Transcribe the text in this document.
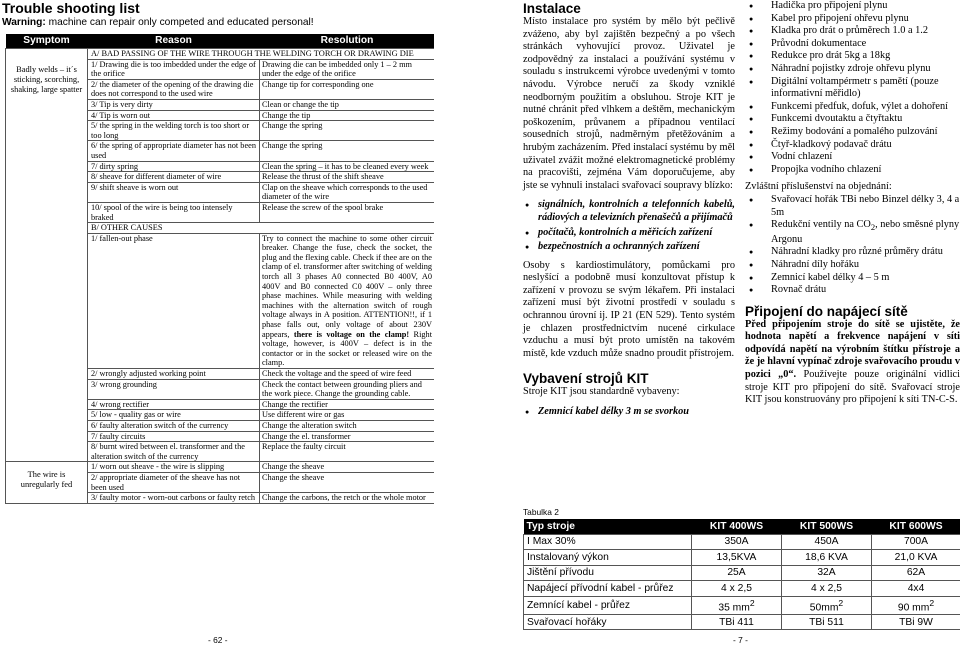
Trouble shooting list
Warning: machine can repair only competed and educated personal!
Symptom	Reason	Resolution
Badly welds – it´s sticking, scorching, shaking, large spatter	A/ BAD PASSING OF THE WIRE THROUGH THE WELDING TORCH OR DRAWING DIE	
	1/ Drawing die is too imbedded under the edge of the orifice	Drawing die can be imbedded only 1 – 2 mm under the edge of the orifice
	2/ the diameter of the opening of the drawing die does not correspond to the used wire	Change tip for corresponding one
	3/ Tip is very dirty	Clean or change the tip
	4/ Tip is worn out	Change the tip
	5/ the spring in the welding torch is too short or too long	Change the spring
	6/ the spring of appropriate diameter has not been used	Change the spring
	7/ dirty spring	Clean the spring – it has to be cleaned every week
	8/ sheave for different diameter of wire	Release the thrust of the shift sheave
	9/ shift sheave is worn out	Clap on the sheave which corresponds to the used diameter of the wire
	10/ spool of the wire is being too intensely braked	Release the screw of the spool brake
	B/ OTHER CAUSES	
	1/ fallen-out phase	Try to connect the machine to some other circuit breaker. Change the fuse, check the socket, the plug and the flexing cable. Check if thee are on the clamp of el. transformer after switching of welding torch all 3 phases A0 connected B0 400V, A0 400V and B0 connected C0 400V – only three phase machines. While measuring with welding machines with the alternation switch of rough voltage always in A position. ATTENTION!!, if 1 phase falls out, only voltage of about 230V appears, there is voltage on the clamp! Right voltage, however, is 400V – defect is in the contactor or in the socket or released wire on the clamp.
	2/ wrongly adjusted working point	Check the voltage and the speed of wire feed
	3/ wrong grounding	Check the contact between grounding pliers and the work piece. Change the grounding cable.
	4/ wrong rectifier	Change the rectifier
	5/ low - quality gas or wire	Use different wire or gas
	6/ faulty alteration switch of the currency	Change the alteration switch
	7/ faulty circuits	Change the el. transformer
	8/ burnt wired between el. transformer and the alteration switch of the currency	Replace the faulty circuit
The wire is unregularly fed	1/ worn out sheave - the wire is slipping	Change the sheave
	2/ appropriate diameter of the sheave has not been used	Change the sheave
	3/ faulty motor - worn-out carbons or faulty retch	Change the carbons, the retch or the whole motor
- 62 -
Instalace

Místo instalace pro systém by mělo být pečlivě zváženo, aby byl zajištěn bezpečný a po všech stránkách vyhovující provoz. Uživatel je zodpovědný za instalaci a používání systému v souladu s instrukcemi výrobce uvedenými v tomto návodu. Výrobce neručí za škody vzniklé neodborným použitím a obsluhou. Stroje KIT je nutné chránit před vlhkem a deštěm, mechanickým poškozením, průvanem a případnou ventilací sousedních strojů, nadměrným přetěžováním a hrubým zacházením. Před instalací systému by měl uživatel zvážit možné elektromagnetické problémy na pracovišti, zejména Vám doporučujeme, aby jste se vyhnuli instalaci svařovací soupravy blízko:

● signálních, kontrolních a telefonních kabelů, rádiových a televizních přenašečů a přijímačů
● počítačů, kontrolních a měřicích zařízení
● bezpečnostních a ochranných zařízení

Osoby s kardiostimulátory, pomůckami pro neslyšící a podobně musí konzultovat přístup k zařízení v provozu se svým lékařem. Při instalaci zařízení musí být životní prostředí v souladu s ochrannou úrovní ij. IP 21 (EN 529). Tento systém je chlazen prostřednictvím nucené cirkulace vzduchu a musí být proto umístěn na takovém místě, kde vzduch může snadno proudit přístrojem.

Vybavení strojů KIT
Stroje KIT jsou standardně vybaveny:
● Zemnicí kabel délky 3 m se svorkou
● Hadička pro připojení plynu
● Kabel pro připojení ohřevu plynu
● Kladka pro drát o průměrech 1.0 a 1.2
● Průvodní dokumentace
● Redukce pro drát 5kg a 18kg
● Náhradní pojistky zdroje ohřevu plynu
● Digitální voltampérmetr s pamětí (pouze informativní měřidlo)
● Funkcemi předfuk, dofuk, výlet a dohoření
● Funkcemi dvoutaktu a čtyřtaktu
● Režimy bodování a pomalého pulzování
● Čtyř-kladkový podavač drátu
● Vodní chlazení
● Propojka vodního chlazení
Zvláštní příslušenství na objednání:
● Svařovací hořák TBi nebo Binzel délky 3, 4 a 5m
● Redukční ventily na $CO_2$, nebo směsné plyny Argonu
● Náhradní kladky pro různé průměry drátu
● Náhradní díly hořáku
● Zemnicí kabel délky 4 – 5 m
● Rovnač drátu
Připojení do napájecí sítě

Před připojením stroje do sítě se ujistěte, že hodnota napětí a frekvence napájení v síti odpovídá napětí na výrobním štítku přístroje a že je hlavní vypínač zdroje svařovacího proudu v pozici „0“. Používejte pouze originální vidlici stroje KIT pro připojení do sítě. Svařovací stroje KIT jsou konstruovány pro připojení k síti TN-C-S.

Tabulka 2
Typ stroje	KIT 400WS	KIT 500WS	KIT 600WS
I Max 30%	350A	450A	700A
Instalovaný výkon	13,5KVA	18,6 KVA	21,0 KVA
Jištění přívodu	25A	32A	62A
Napájecí přívodní kabel - průřez	4 x 2,5	4 x 2,5	4x4
Zemnící kabel - průřez	35 $mm^2$	$50mm^2$	90 $mm^2$
Svařovací hořáky	TBi 411	TBi 511	TBi 9W
- 7 -
